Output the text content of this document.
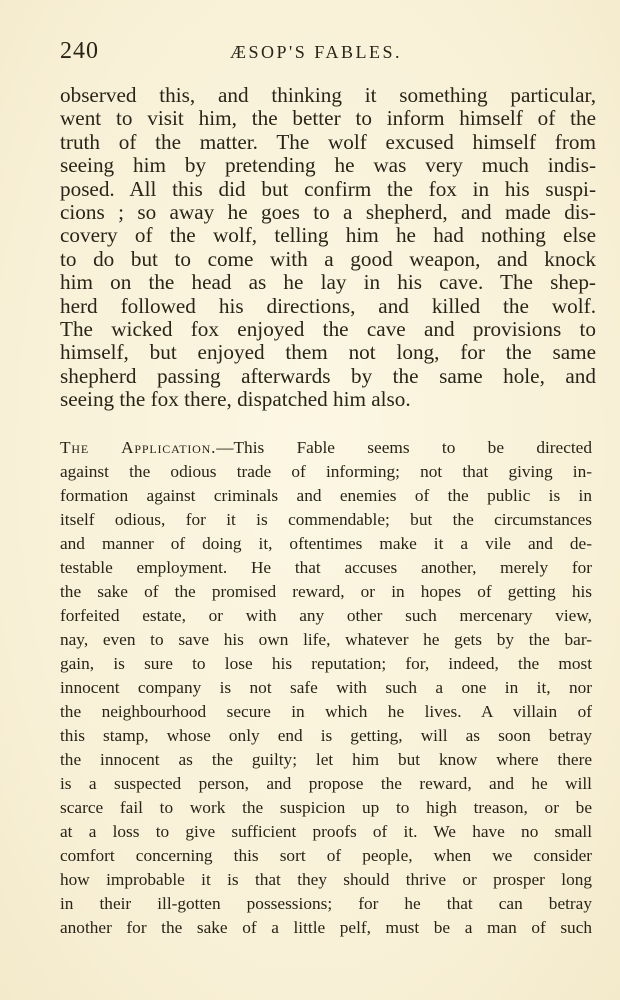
240	ÆSOP'S FABLES.
observed this, and thinking it something particular,
went to visit him, the better to inform himself of the
truth of the matter. The wolf excused himself from
seeing him by pretending he was very much indis-
posed. All this did but confirm the fox in his suspi-
cions ; so away he goes to a shepherd, and made dis-
covery of the wolf, telling him he had nothing else
to do but to come with a good weapon, and knock
him on the head as he lay in his cave. The shep-
herd followed his directions, and killed the wolf.
The wicked fox enjoyed the cave and provisions to
himself, but enjoyed them not long, for the same
shepherd passing afterwards by the same hole, and
seeing the fox there, dispatched him also.
The Application.—This Fable seems to be directed
against the odious trade of informing; not that giving in-
formation against criminals and enemies of the public is in
itself odious, for it is commendable; but the circumstances
and manner of doing it, oftentimes make it a vile and de-
testable employment. He that accuses another, merely for
the sake of the promised reward, or in hopes of getting his
forfeited estate, or with any other such mercenary view,
nay, even to save his own life, whatever he gets by the bar-
gain, is sure to lose his reputation; for, indeed, the most
innocent company is not safe with such a one in it, nor
the neighbourhood secure in which he lives. A villain of
this stamp, whose only end is getting, will as soon betray
the innocent as the guilty; let him but know where there
is a suspected person, and propose the reward, and he will
scarce fail to work the suspicion up to high treason, or be
at a loss to give sufficient proofs of it. We have no small
comfort concerning this sort of people, when we consider
how improbable it is that they should thrive or prosper long
in their ill-gotten possessions; for he that can betray
another for the sake of a little pelf, must be a man of such
